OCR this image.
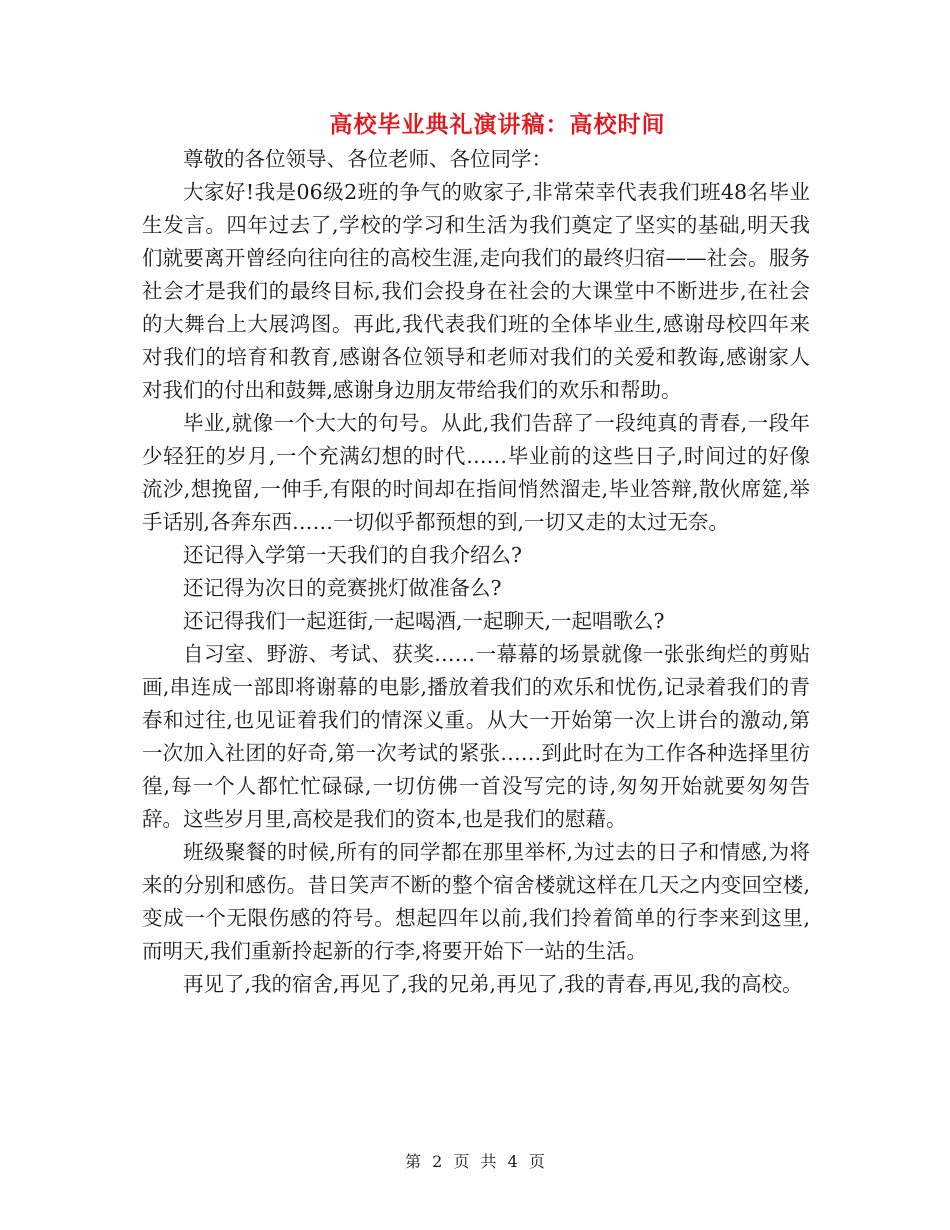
高校毕业典礼演讲稿：高校时间

尊敬的各位领导、各位老师、各位同学：

大家好!我是06级2班的争气的败家子,非常荣幸代表我们班48名毕业生发言。四年过去了,学校的学习和生活为我们奠定了坚实的基础,明天我们就要离开曾经向往向往的高校生涯,走向我们的最终归宿——社会。服务社会才是我们的最终目标,我们会投身在社会的大课堂中不断进步,在社会的大舞台上大展鸿图。再此,我代表我们班的全体毕业生,感谢母校四年来对我们的培育和教育,感谢各位领导和老师对我们的关爱和教诲,感谢家人对我们的付出和鼓舞,感谢身边朋友带给我们的欢乐和帮助。

毕业,就像一个大大的句号。从此,我们告辞了一段纯真的青春,一段年少轻狂的岁月,一个充满幻想的时代……毕业前的这些日子,时间过的好像流沙,想挽留,一伸手,有限的时间却在指间悄然溜走,毕业答辩,散伙席筵,举手话别,各奔东西……一切似乎都预想的到,一切又走的太过无奈。

还记得入学第一天我们的自我介绍么?

还记得为次日的竞赛挑灯做准备么?

还记得我们一起逛街,一起喝酒,一起聊天,一起唱歌么?

自习室、野游、考试、获奖……一幕幕的场景就像一张张绚烂的剪贴画,串连成一部即将谢幕的电影,播放着我们的欢乐和忧伤,记录着我们的青春和过往,也见证着我们的情深义重。从大一开始第一次上讲台的激动,第一次加入社团的好奇,第一次考试的紧张……到此时在为工作各种选择里彷徨,每一个人都忙忙碌碌,一切仿佛一首没写完的诗,匆匆开始就要匆匆告辞。这些岁月里,高校是我们的资本,也是我们的慰藉。

班级聚餐的时候,所有的同学都在那里举杯,为过去的日子和情感,为将来的分别和感伤。昔日笑声不断的整个宿舍楼就这样在几天之内变回空楼,变成一个无限伤感的符号。想起四年以前,我们拎着简单的行李来到这里,而明天,我们重新拎起新的行李,将要开始下一站的生活。

再见了,我的宿舍,再见了,我的兄弟,再见了,我的青春,再见,我的高校。

第 2 页 共 4 页
